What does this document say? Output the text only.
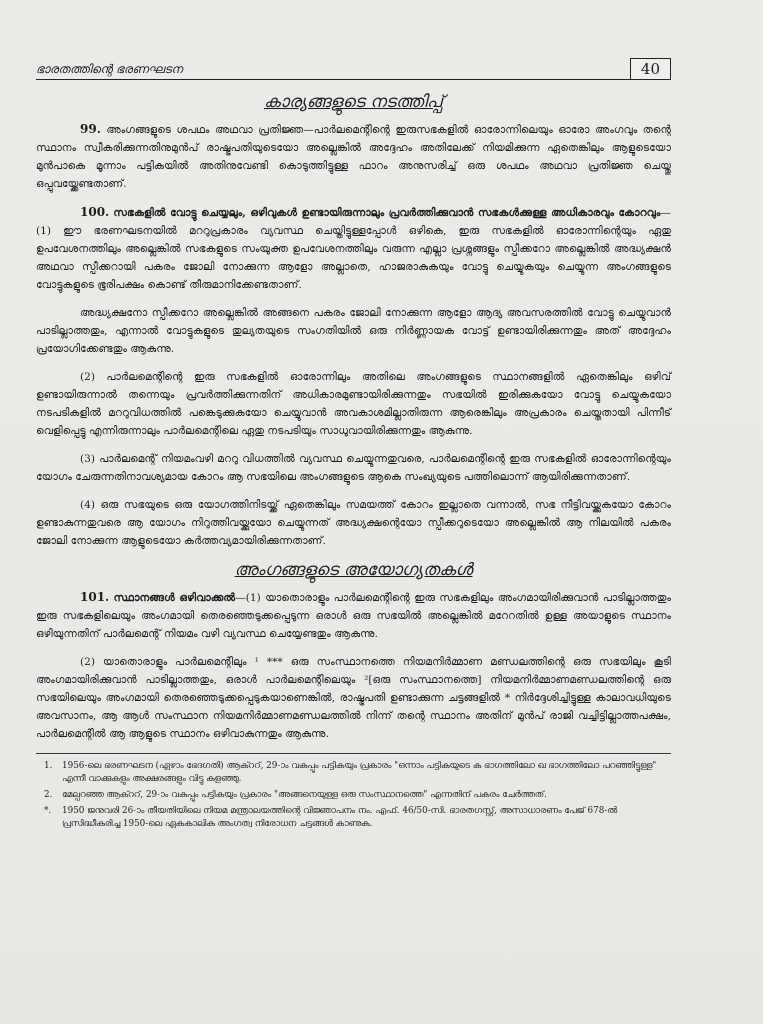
ഭാരതത്തിന്റെ ഭരണഘടന	40
കാര്യങ്ങളുടെ നടത്തിപ്പ്

99. അംഗങ്ങളുടെ ശപഥം അഥവാ പ്രതിജ്ഞ—പാർലമെന്റിന്റെ ഇരുസഭകളിൽ ഓരോന്നിലെയും ഓരോ അംഗവും തന്റെ സ്ഥാനം സ്വീകരിക്കുന്നതിനുമുൻപ് രാഷ്ട്രപതിയുടെയോ അല്ലെങ്കിൽ അദ്ദേഹം അതിലേക്ക് നിയമിക്കുന്ന ഏതെങ്കിലും ആളുടെയോ മുൻപാകെ മൂന്നാം പട്ടികയിൽ അതിനുവേണ്ടി കൊടുത്തിട്ടുള്ള ഫാറം അനുസരിച്ച് ഒരു ശപഥം അഥവാ പ്രതിജ്ഞ ചെയ്തു ഒപ്പുവയ്ക്കേണ്ടതാണ്.

100. സഭകളിൽ വോട്ടു ചെയ്യലും, ഒഴിവുകൾ ഉണ്ടായിരുന്നാലും പ്രവർത്തിക്കുവാൻ സഭകൾക്കുള്ള അധികാരവും കോറവും—(1) ഈ ഭരണഘടനയിൽ മററുപ്രകാരം വ്യവസ്ഥ ചെയ്തിട്ടുള്ളപ്പോൾ ഒഴികെ, ഇരു സഭകളിൽ ഓരോന്നിന്റെയും ഏതു ഉപവേശനത്തിലും അല്ലെങ്കിൽ സഭകളുടെ സംയുക്ത ഉപവേശനത്തിലും വരുന്ന എല്ലാ പ്രശ്നങ്ങളും സ്പീക്കറോ അല്ലെങ്കിൽ അദ്ധ്യക്ഷൻ അഥവാ സ്പീക്കറായി പകരം ജോലി നോക്കുന്ന ആളോ അല്ലാതെ, ഹാജരാകുകയും വോട്ടു ചെയ്യുകയും ചെയ്യുന്ന അംഗങ്ങളുടെ വോട്ടുകളുടെ ഭൂരിപക്ഷം കൊണ്ട് തീരുമാനിക്കേണ്ടതാണ്.

അദ്ധ്യക്ഷനോ സ്പീക്കറോ അല്ലെങ്കിൽ അങ്ങനെ പകരം ജോലി നോക്കുന്ന ആളോ ആദ്യ അവസരത്തിൽ വോട്ടു ചെയ്യുവാൻ പാടില്ലാത്തതും, എന്നാൽ വോട്ടുകളുടെ തുല്യതയുടെ സംഗതിയിൽ ഒരു നിർണ്ണായക വോട്ട് ഉണ്ടായിരിക്കുന്നതും അത് അദ്ദേഹം പ്രയോഗിക്കേണ്ടതും ആകുന്നു.

(2) പാർലമെന്റിന്റെ ഇരു സഭകളിൽ ഓരോന്നിലും അതിലെ അംഗങ്ങളുടെ സ്ഥാനങ്ങളിൽ ഏതെങ്കിലും ഒഴിവ് ഉണ്ടായിരുന്നാൽ തന്നെയും പ്രവർത്തിക്കുന്നതിന് അധികാരമുണ്ടായിരിക്കുന്നതും സഭയിൽ ഇരിക്കുകയോ വോട്ടു ചെയ്യുകയോ നടപടികളിൽ മററുവിധത്തിൽ പങ്കെടുക്കുകയോ ചെയ്യുവാൻ അവകാശമില്ലാതിരുന്ന ആരെങ്കിലും അപ്രകാരം ചെയ്തതായി പിന്നീട് വെളിപ്പെട്ടു എന്നിരുന്നാലും പാർലമെന്റിലെ ഏതു നടപടിയും സാധുവായിരിക്കുന്നതും ആകുന്നു.

(3) പാർലമെന്റ് നിയമംവഴി മററു വിധത്തിൽ വ്യവസ്ഥ ചെയ്യുന്നതുവരെ, പാർലമെന്റിന്റെ ഇരു സഭകളിൽ ഓരോന്നിന്റെയും യോഗം ചേരുന്നതിനാവശ്യമായ കോറം ആ സഭയിലെ അംഗങ്ങളുടെ ആകെ സംഖ്യയുടെ പത്തിലൊന്ന് ആയിരിക്കുന്നതാണ്.

(4) ഒരു സഭയുടെ ഒരു യോഗത്തിനിടയ്ക്ക് ഏതെങ്കിലും സമയത്ത് കോറം ഇല്ലാതെ വന്നാൽ, സഭ നീട്ടിവയ്ക്കുകയോ കോറം ഉണ്ടാകുന്നതുവരെ ആ യോഗം നിറുത്തിവയ്ക്കുയോ ചെയ്യുന്നത് അദ്ധ്യക്ഷന്റെയോ സ്പീക്കറുടെയോ അല്ലെങ്കിൽ ആ നിലയിൽ പകരം ജോലി നോക്കുന്ന ആളുടെയോ കർത്തവ്യമായിരിക്കുന്നതാണ്.

അംഗങ്ങളുടെ അയോഗ്യതകൾ

101. സ്ഥാനങ്ങൾ ഒഴിവാക്കൽ—(1) യാതൊരാളും പാർലമെന്റിന്റെ ഇരു സഭകളിലും അംഗമായിരിക്കുവാൻ പാടില്ലാത്തതും ഇരു സഭകളിലെയും അംഗമായി തെരഞ്ഞെടുക്കപ്പെടുന്ന ഒരാൾ ഒരു സഭയിൽ അല്ലെങ്കിൽ മറേറതിൽ ഉള്ള അയാളുടെ സ്ഥാനം ഒഴിയുന്നതിന് പാർലമെന്റ് നിയമം വഴി വ്യവസ്ഥ ചെയ്യേണ്ടതും ആകുന്നു.

(2) യാതൊരാളും പാർലമെന്റിലും ¹ *** ഒരു സംസ്ഥാനത്തെ നിയമനിർമ്മാണ മണ്ഡലത്തിന്റെ ഒരു സഭയിലും കൂടി അംഗമായിരിക്കുവാൻ പാടില്ലാത്തതും, ഒരാൾ പാർലമെന്റിലെയും ²[ഒരു സംസ്ഥാനത്തെ] നിയമനിർമ്മാണമണ്ഡലത്തിന്റെ ഒരു സഭയിലെയും അംഗമായി തെരഞ്ഞെടുക്കപ്പെടുകയാണെങ്കിൽ, രാഷ്ട്രപതി ഉണ്ടാക്കുന്ന ചട്ടങ്ങളിൽ * നിർദ്ദേശിച്ചിട്ടുള്ള കാലാവധിയുടെ അവസാനം, ആ ആൾ സംസ്ഥാന നിയമനിർമ്മാണമണ്ഡലത്തിൽ നിന്ന് തന്റെ സ്ഥാനം അതിന് മുൻപ് രാജി വച്ചിട്ടില്ലാത്തപക്ഷം, പാർലമെന്റിൽ ആ ആളുടെ സ്ഥാനം ഒഴിവാകുന്നതും ആകുന്നു.

1.	1956-ലെ ഭരണഘടന (ഏഴാം ഭേദഗതി) ആക്ററ്, 29-ാം വകുപ്പും പട്ടികയും പ്രകാരം "ഒന്നാം പട്ടികയുടെ ക ഭാഗത്തിലോ ഖ ഭാഗത്തിലോ പറഞ്ഞിട്ടുള്ള" എന്നീ വാക്കുകളും അക്ഷരങ്ങളും വിട്ടു കളഞ്ഞു.
2.	മേല്പറഞ്ഞ ആക്ററ്, 29-ാം വകുപ്പും പട്ടികയും പ്രകാരം "അങ്ങനെയുള്ള ഒരു സംസ്ഥാനത്തെ" എന്നതിന് പകരം ചേർത്തത്.
*.	1950 ജനുവരി 26-ാം തീയതിയിലെ നിയമ മന്ത്രാലയത്തിന്റെ വിജ്ഞാപനം നം. എഫ്. 46/50-സി. ഭാരതഗസ്റ്റ്, അസാധാരണം പേജ് 678-ൽ പ്രസിദ്ധീകരിച്ച 1950-ലെ ഏകകാലിക അംഗത്വ നിരോധന ചട്ടങ്ങൾ കാണുക.
